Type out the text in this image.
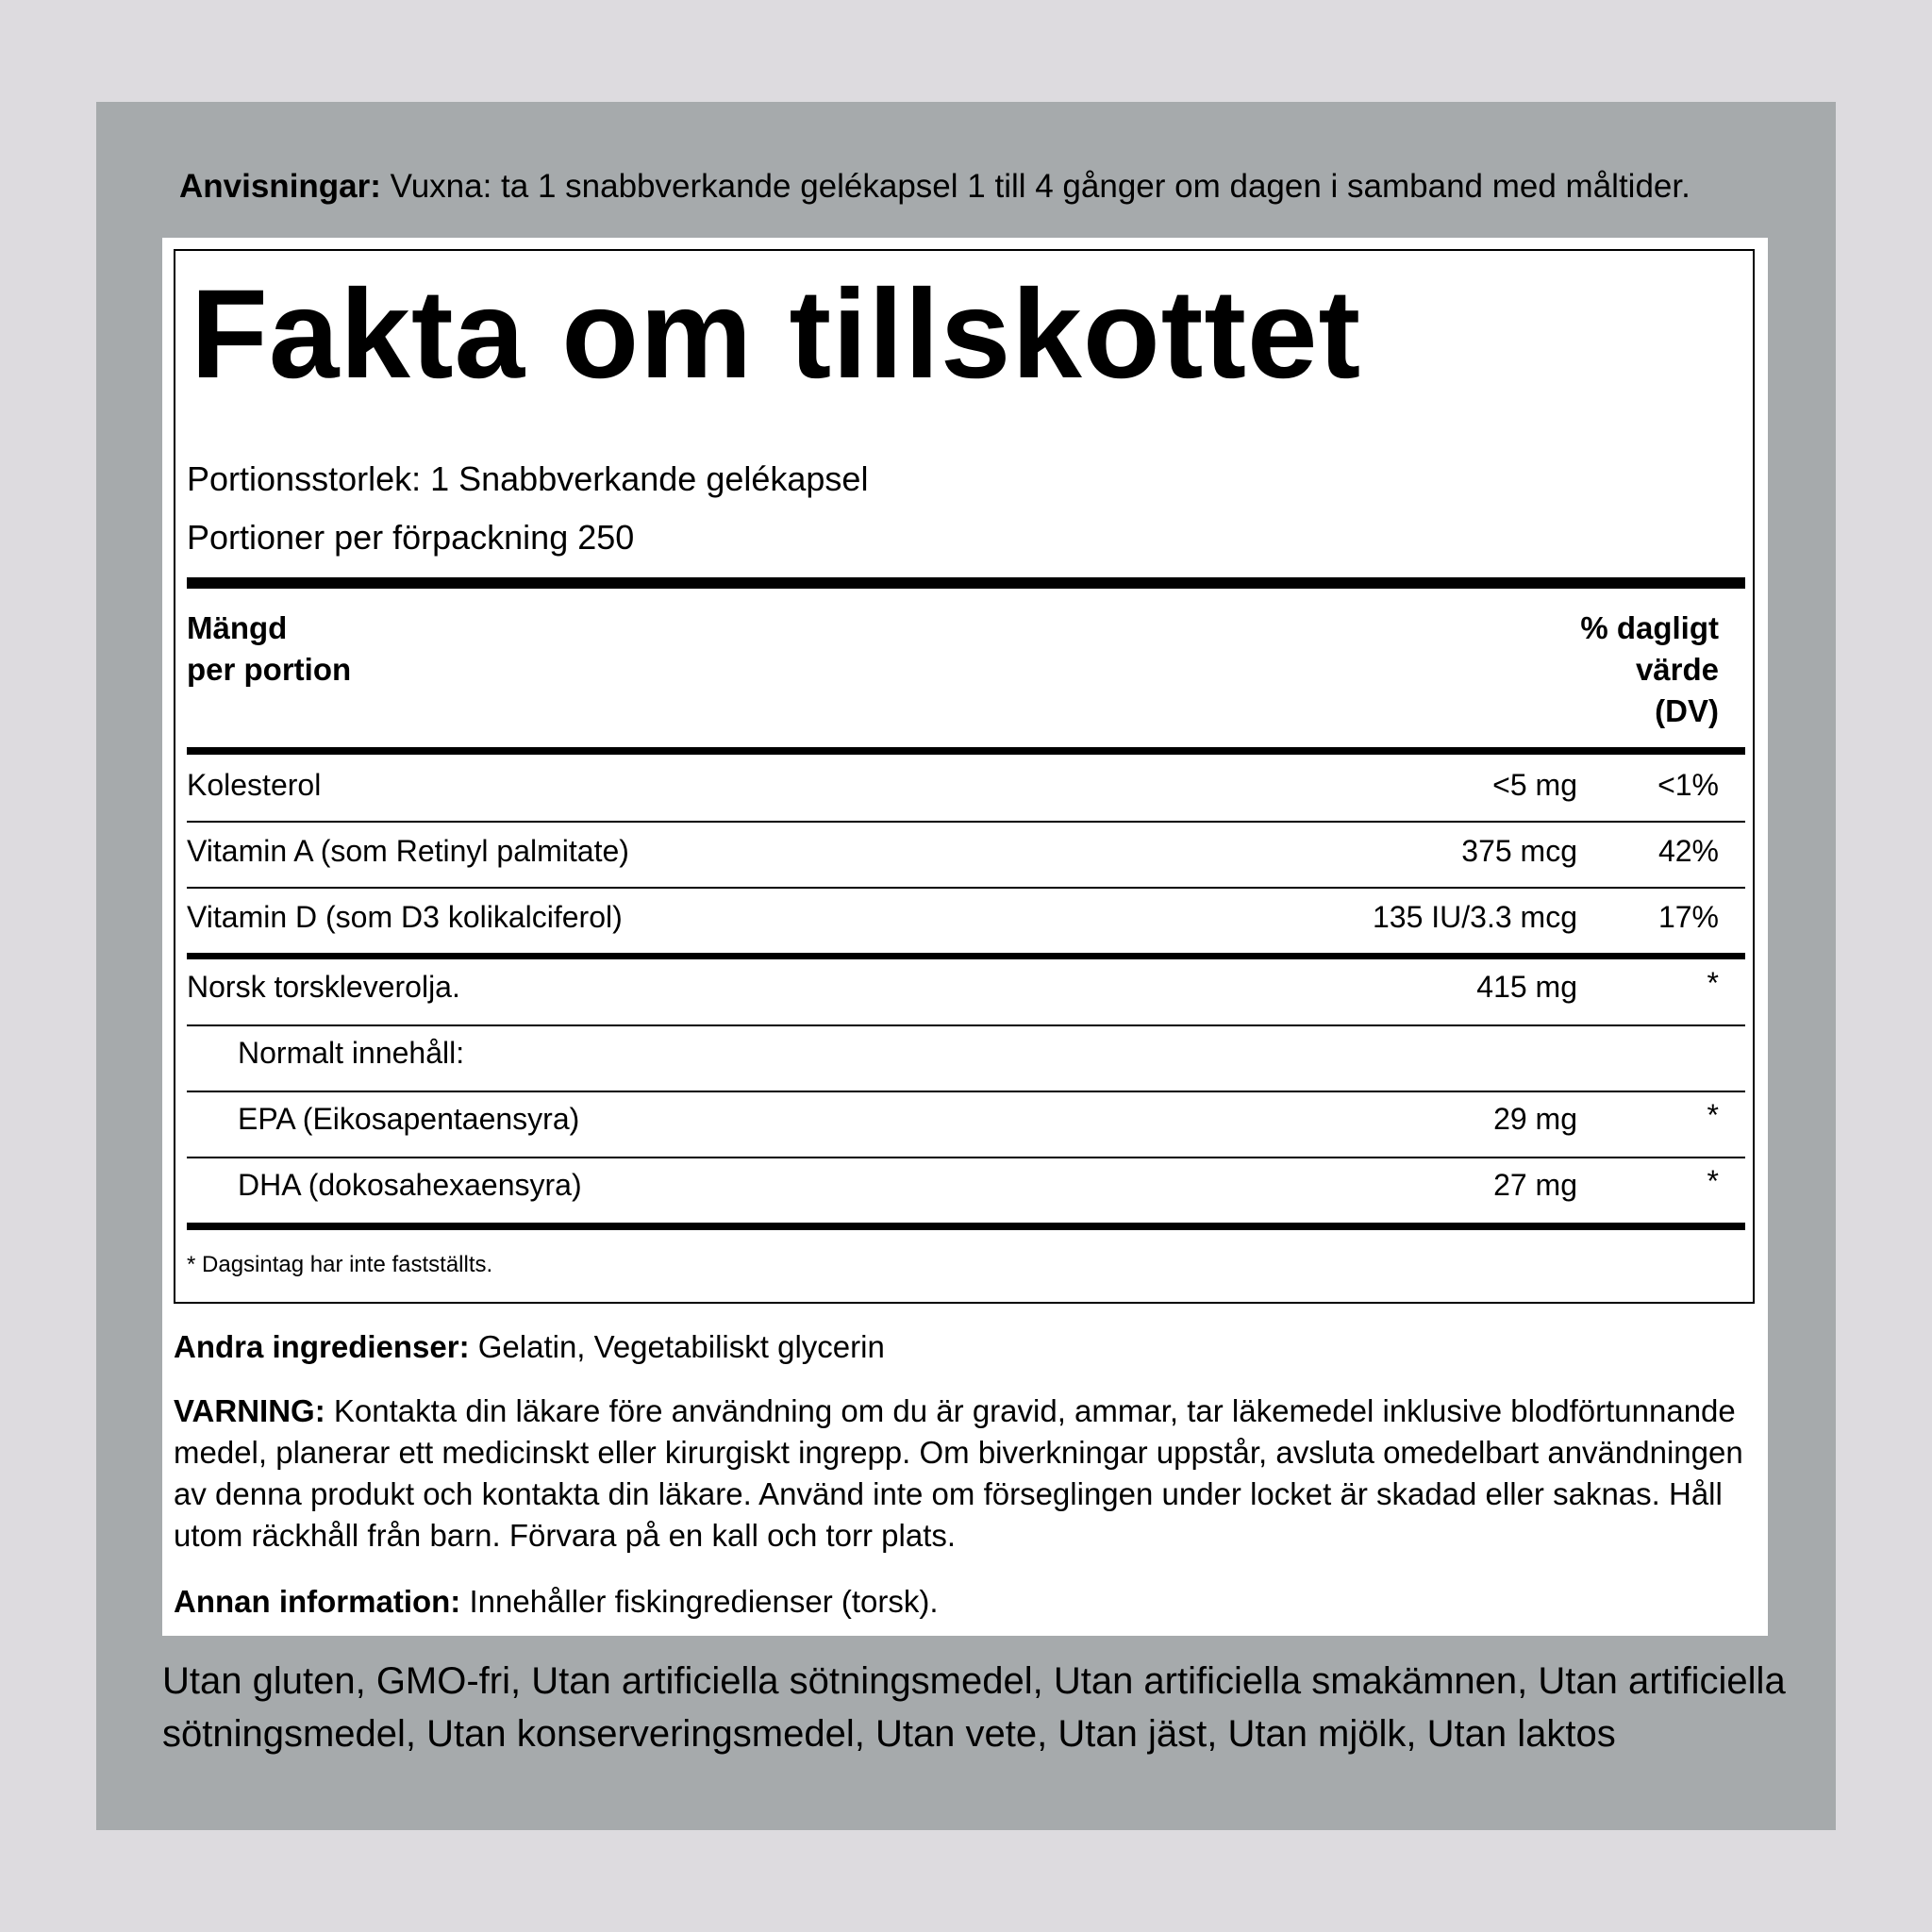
Anvisningar: Vuxna: ta 1 snabbverkande gelékapsel 1 till 4 gånger om dagen i samband med måltider.
Fakta om tillskottet
Portionsstorlek: 1 Snabbverkande gelékapsel
Portioner per förpackning 250
Mängd
per portion
% dagligt
värde
(DV)
Kolesterol	<5 mg	<1%
Vitamin A (som Retinyl palmitate)	375 mcg	42%
Vitamin D (som D3 kolikalciferol)	135 IU/3.3 mcg	17%
Norsk torskleverolja.	415 mg	*
Normalt innehåll:
EPA (Eikosapentaensyra)	29 mg	*
DHA (dokosahexaensyra)	27 mg	*
* Dagsintag har inte fastställts.
Andra ingredienser: Gelatin, Vegetabiliskt glycerin
VARNING: Kontakta din läkare före användning om du är gravid, ammar, tar läkemedel inklusive blodförtunnande medel, planerar ett medicinskt eller kirurgiskt ingrepp. Om biverkningar uppstår, avsluta omedelbart användningen av denna produkt och kontakta din läkare. Använd inte om förseglingen under locket är skadad eller saknas. Håll utom räckhåll från barn. Förvara på en kall och torr plats.
Annan information: Innehåller fiskingredienser (torsk).
Utan gluten, GMO-fri, Utan artificiella sötningsmedel, Utan artificiella smakämnen, Utan artificiella sötningsmedel, Utan konserveringsmedel, Utan vete, Utan jäst, Utan mjölk, Utan laktos
